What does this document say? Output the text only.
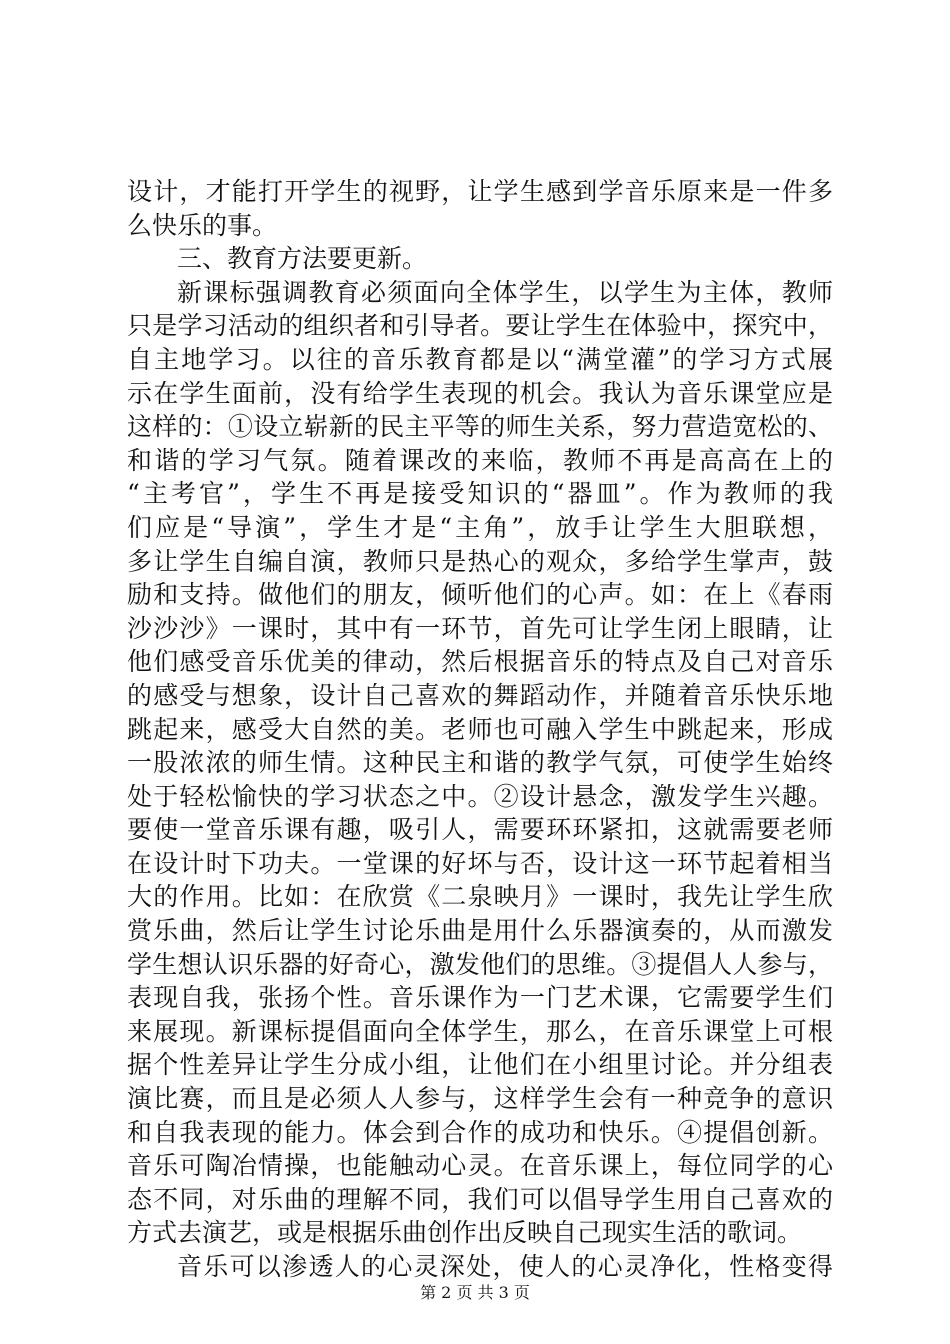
设计，才能打开学生的视野，让学生感到学音乐原来是一件多
么快乐的事。
三、教育方法要更新。
新课标强调教育必须面向全体学生，以学生为主体，教师
只是学习活动的组织者和引导者。要让学生在体验中，探究中，
自主地学习。以往的音乐教育都是以“满堂灌”的学习方式展
示在学生面前，没有给学生表现的机会。我认为音乐课堂应是
这样的：①设立崭新的民主平等的师生关系，努力营造宽松的、
和谐的学习气氛。随着课改的来临，教师不再是高高在上的
“主考官”，学生不再是接受知识的“器皿”。作为教师的我
们应是“导演”，学生才是“主角”，放手让学生大胆联想，
多让学生自编自演，教师只是热心的观众，多给学生掌声，鼓
励和支持。做他们的朋友，倾听他们的心声。如：在上《春雨
沙沙沙》一课时，其中有一环节，首先可让学生闭上眼睛，让
他们感受音乐优美的律动，然后根据音乐的特点及自己对音乐
的感受与想象，设计自己喜欢的舞蹈动作，并随着音乐快乐地
跳起来，感受大自然的美。老师也可融入学生中跳起来，形成
一股浓浓的师生情。这种民主和谐的教学气氛，可使学生始终
处于轻松愉快的学习状态之中。②设计悬念，激发学生兴趣。
要使一堂音乐课有趣，吸引人，需要环环紧扣，这就需要老师
在设计时下功夫。一堂课的好坏与否，设计这一环节起着相当
大的作用。比如：在欣赏《二泉映月》一课时，我先让学生欣
赏乐曲，然后让学生讨论乐曲是用什么乐器演奏的，从而激发
学生想认识乐器的好奇心，激发他们的思维。③提倡人人参与，
表现自我，张扬个性。音乐课作为一门艺术课，它需要学生们
来展现。新课标提倡面向全体学生，那么，在音乐课堂上可根
据个性差异让学生分成小组，让他们在小组里讨论。并分组表
演比赛，而且是必须人人参与，这样学生会有一种竞争的意识
和自我表现的能力。体会到合作的成功和快乐。④提倡创新。
音乐可陶冶情操，也能触动心灵。在音乐课上，每位同学的心
态不同，对乐曲的理解不同，我们可以倡导学生用自己喜欢的
方式去演艺，或是根据乐曲创作出反映自己现实生活的歌词。
音乐可以渗透人的心灵深处，使人的心灵净化，性格变得
第 2 页 共 3 页
